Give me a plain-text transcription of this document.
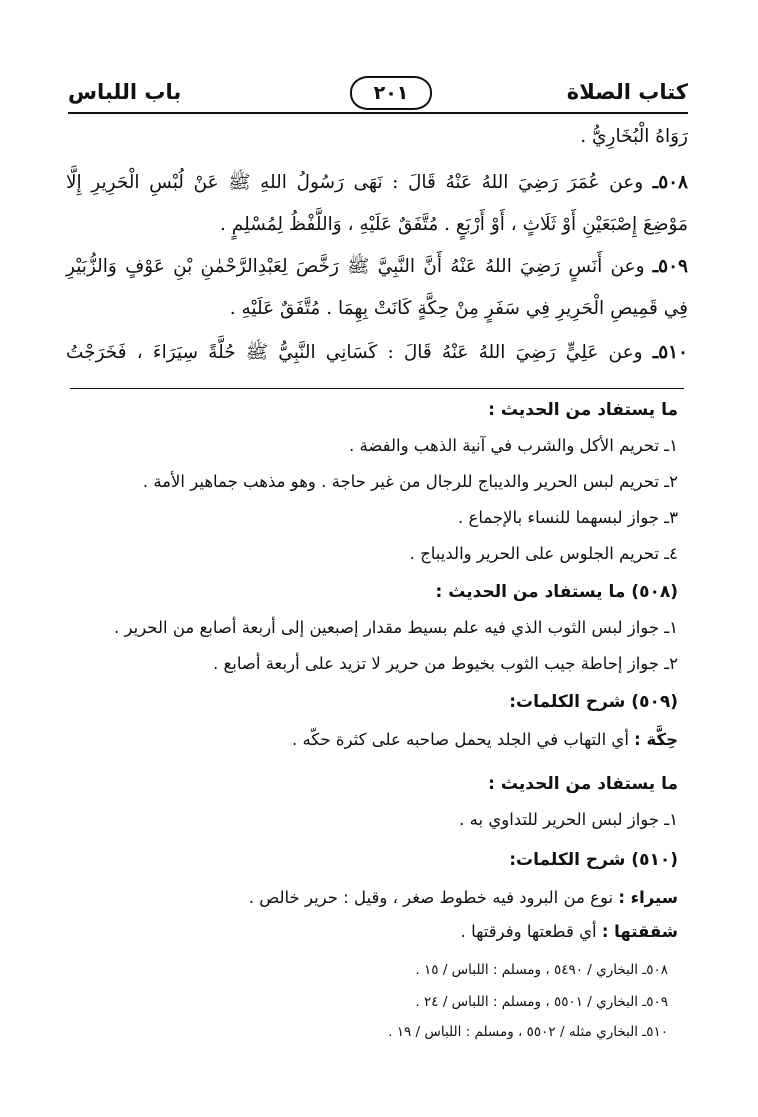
كتاب الصلاة
٢٠١
باب اللباس
رَوَاهُ الْبُخَارِيُّ .
٥٠٨ـ وعن عُمَرَ رَضِيَ اللهُ عَنْهُ قَالَ : نَهَى رَسُولُ اللهِ ﷺ عَنْ لُبْسِ الْحَرِيرِ إِلَّا
مَوْضِعَ إِصْبَعَيْنِ أَوْ ثَلَاثٍ ، أَوْ أَرْبَعٍ . مُتَّفَقٌ عَلَيْهِ ، وَاللَّفْظُ لِمُسْلِمٍ .
٥٠٩ـ وعن أَنَسٍ رَضِيَ اللهُ عَنْهُ أَنَّ النَّبِيَّ ﷺ رَخَّصَ لِعَبْدِالرَّحْمٰنِ بْنِ عَوْفٍ وَالزُّبَيْرِ
فِي قَمِيصِ الْحَرِيرِ فِي سَفَرٍ مِنْ حِكَّةٍ كَانَتْ بِهِمَا . مُتَّفَقٌ عَلَيْهِ .
٥١٠ـ وعن عَلِيٍّ رَضِيَ اللهُ عَنْهُ قَالَ : كَسَانِي النَّبِيُّ ﷺ حُلَّةً سِيَرَاءَ ، فَخَرَجْتُ
ما يستفاد من الحديث :
١ـ تحريم الأكل والشرب في آنية الذهب والفضة .
٢ـ تحريم لبس الحرير والديباج للرجال من غير حاجة . وهو مذهب جماهير الأمة .
٣ـ جواز لبسهما للنساء بالإجماع .
٤ـ تحريم الجلوس على الحرير والديباج .
(٥٠٨) ما يستفاد من الحديث :
١ـ جواز لبس الثوب الذي فيه علم بسيط مقدار إصبعين إلى أربعة أصابع من الحرير .
٢ـ جواز إحاطة جيب الثوب بخيوط من حرير لا تزيد على أربعة أصابع .
(٥٠٩) شرح الكلمات:
حِكَّة : أي التهاب في الجلد يحمل صاحبه على كثرة حكّه .
ما يستفاد من الحديث :
١ـ جواز لبس الحرير للتداوي به .
(٥١٠) شرح الكلمات:
سيراء : نوع من البرود فيه خطوط صغر ، وقيل : حرير خالص .
شققتها : أي قطعتها وفرقتها .
٥٠٨ـ البخاري / ٥٤٩٠ ، ومسلم : اللباس / ١٥ .
٥٠٩ـ البخاري / ٥٥٠١ ، ومسلم : اللباس / ٢٤ .
٥١٠ـ البخاري مثله / ٥٥٠٢ ، ومسلم : اللباس / ١٩ .
